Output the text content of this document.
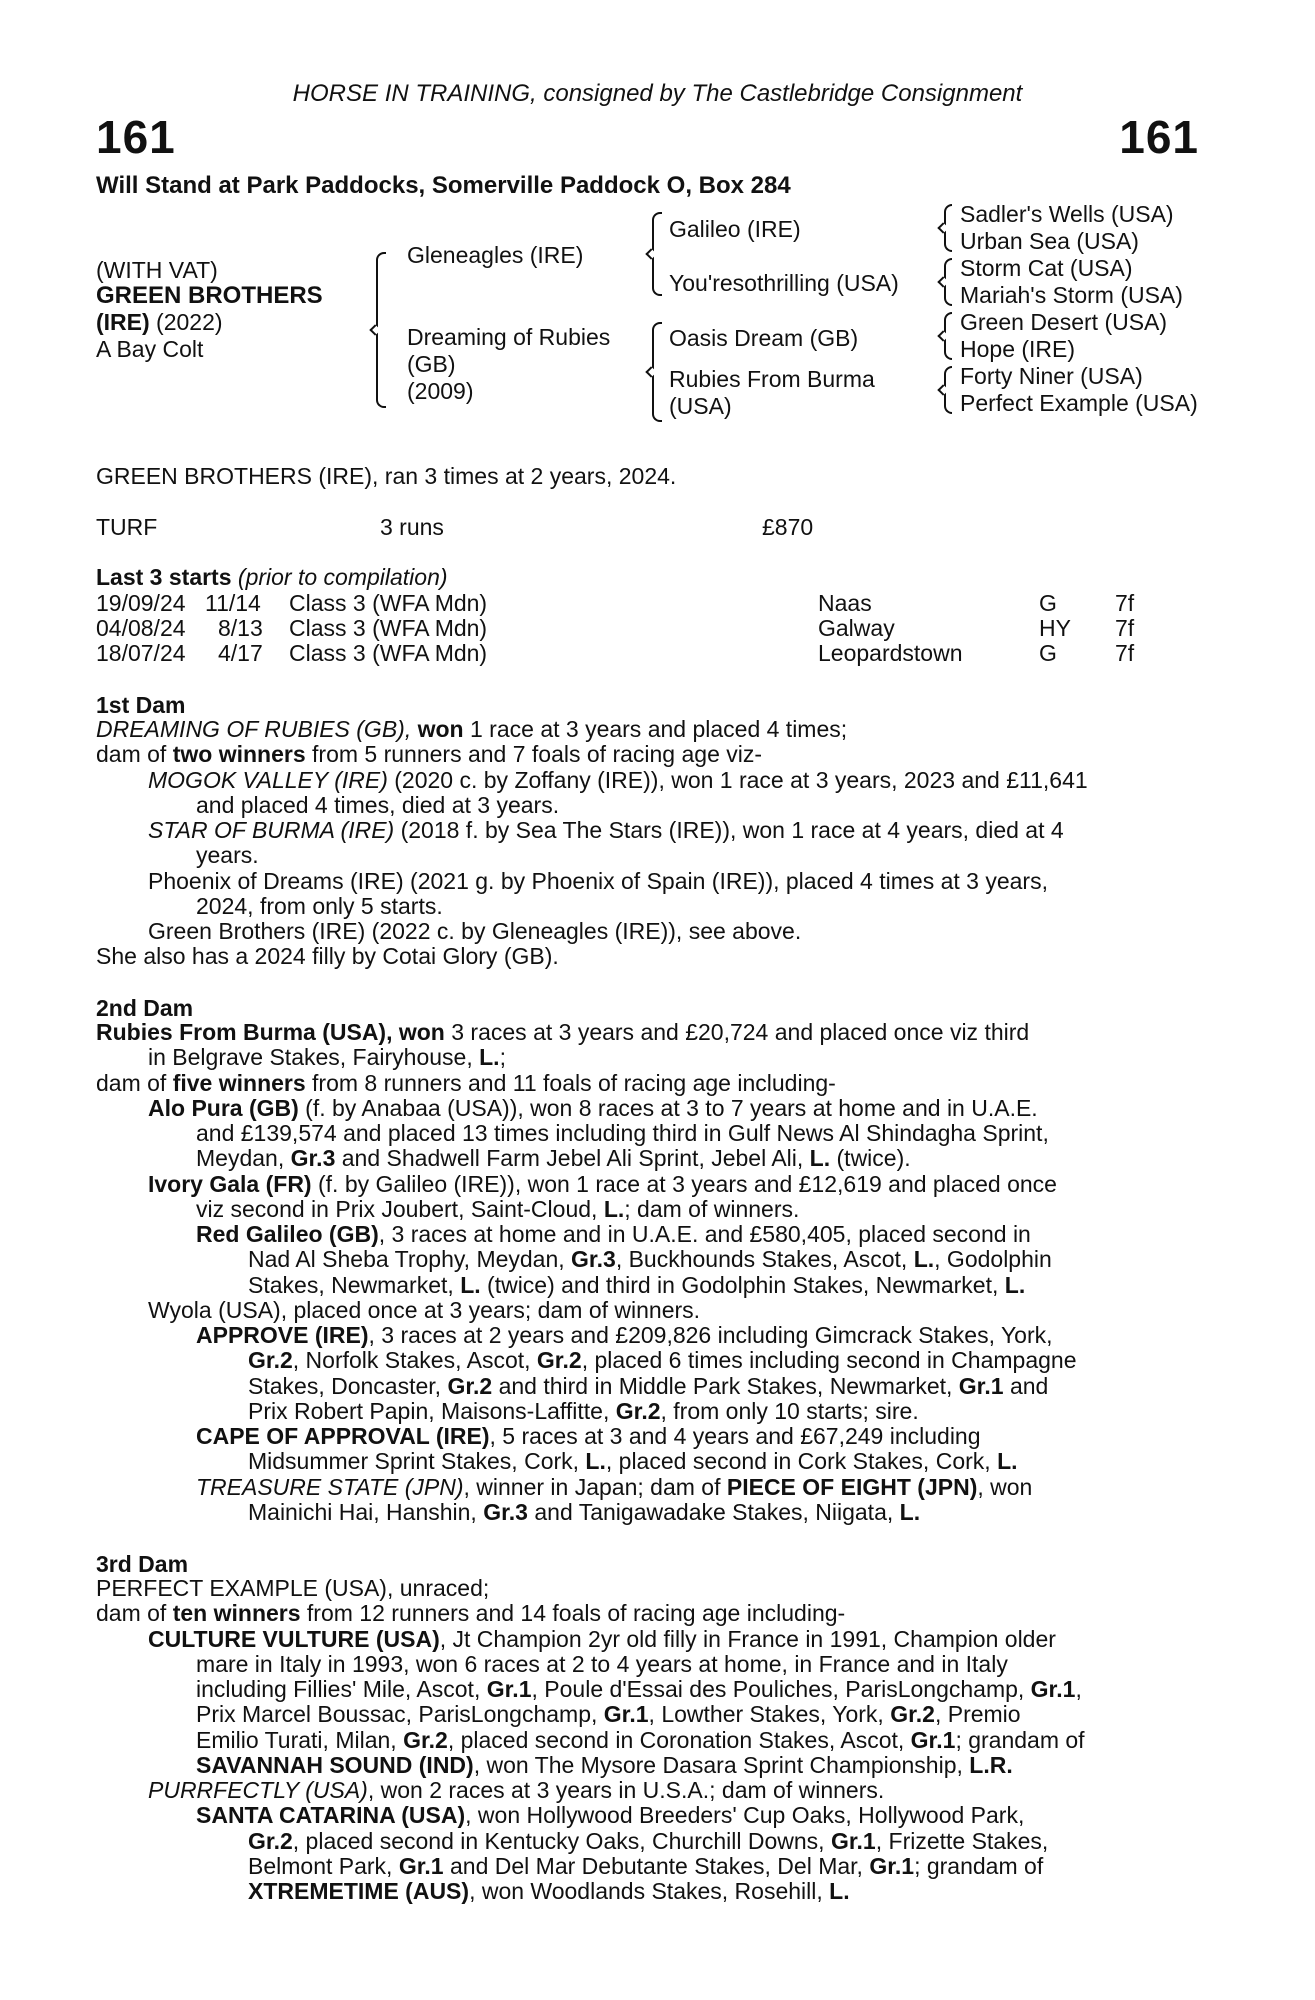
HORSE IN TRAINING, consigned by The Castlebridge Consignment
161	161
Will Stand at Park Paddocks, Somerville Paddock O, Box 284
(WITH VAT)
GREEN BROTHERS
(IRE) (2022)
A Bay Colt
Gleneagles (IRE)
Dreaming of Rubies
(GB)
(2009)
Galileo (IRE)
You'resothrilling (USA)
Oasis Dream (GB)
Rubies From Burma
(USA)
Sadler's Wells (USA)
Urban Sea (USA)
Storm Cat (USA)
Mariah's Storm (USA)
Green Desert (USA)
Hope (IRE)
Forty Niner (USA)
Perfect Example (USA)
GREEN BROTHERS (IRE), ran 3 times at 2 years, 2024.
TURF	3 runs	£870
Last 3 starts (prior to compilation)
19/09/24 11/14 Class 3 (WFA Mdn)	Naas	G	7f
04/08/24 8/13 Class 3 (WFA Mdn)	Galway	HY 7f
18/07/24 4/17 Class 3 (WFA Mdn)	Leopardstown	G	7f
1st Dam
DREAMING OF RUBIES (GB), won 1 race at 3 years and placed 4 times;
dam of two winners from 5 runners and 7 foals of racing age viz-
MOGOK VALLEY (IRE) (2020 c. by Zoffany (IRE)), won 1 race at 3 years, 2023 and £11,641
and placed 4 times, died at 3 years.
STAR OF BURMA (IRE) (2018 f. by Sea The Stars (IRE)), won 1 race at 4 years, died at 4
years.
Phoenix of Dreams (IRE) (2021 g. by Phoenix of Spain (IRE)), placed 4 times at 3 years,
2024, from only 5 starts.
Green Brothers (IRE) (2022 c. by Gleneagles (IRE)), see above.
She also has a 2024 filly by Cotai Glory (GB).
2nd Dam
Rubies From Burma (USA), won 3 races at 3 years and £20,724 and placed once viz third
in Belgrave Stakes, Fairyhouse, L.;
dam of five winners from 8 runners and 11 foals of racing age including-
Alo Pura (GB) (f. by Anabaa (USA)), won 8 races at 3 to 7 years at home and in U.A.E.
and £139,574 and placed 13 times including third in Gulf News Al Shindagha Sprint,
Meydan, Gr.3 and Shadwell Farm Jebel Ali Sprint, Jebel Ali, L. (twice).
Ivory Gala (FR) (f. by Galileo (IRE)), won 1 race at 3 years and £12,619 and placed once
viz second in Prix Joubert, Saint-Cloud, L.; dam of winners.
Red Galileo (GB), 3 races at home and in U.A.E. and £580,405, placed second in
Nad Al Sheba Trophy, Meydan, Gr.3, Buckhounds Stakes, Ascot, L., Godolphin
Stakes, Newmarket, L. (twice) and third in Godolphin Stakes, Newmarket, L.
Wyola (USA), placed once at 3 years; dam of winners.
APPROVE (IRE), 3 races at 2 years and £209,826 including Gimcrack Stakes, York,
Gr.2, Norfolk Stakes, Ascot, Gr.2, placed 6 times including second in Champagne
Stakes, Doncaster, Gr.2 and third in Middle Park Stakes, Newmarket, Gr.1 and
Prix Robert Papin, Maisons-Laffitte, Gr.2, from only 10 starts; sire.
CAPE OF APPROVAL (IRE), 5 races at 3 and 4 years and £67,249 including
Midsummer Sprint Stakes, Cork, L., placed second in Cork Stakes, Cork, L.
TREASURE STATE (JPN), winner in Japan; dam of PIECE OF EIGHT (JPN), won
Mainichi Hai, Hanshin, Gr.3 and Tanigawadake Stakes, Niigata, L.
3rd Dam
PERFECT EXAMPLE (USA), unraced;
dam of ten winners from 12 runners and 14 foals of racing age including-
CULTURE VULTURE (USA), Jt Champion 2yr old filly in France in 1991, Champion older
mare in Italy in 1993, won 6 races at 2 to 4 years at home, in France and in Italy
including Fillies' Mile, Ascot, Gr.1, Poule d'Essai des Pouliches, ParisLongchamp, Gr.1,
Prix Marcel Boussac, ParisLongchamp, Gr.1, Lowther Stakes, York, Gr.2, Premio
Emilio Turati, Milan, Gr.2, placed second in Coronation Stakes, Ascot, Gr.1; grandam of
SAVANNAH SOUND (IND), won The Mysore Dasara Sprint Championship, L.R.
PURRFECTLY (USA), won 2 races at 3 years in U.S.A.; dam of winners.
SANTA CATARINA (USA), won Hollywood Breeders' Cup Oaks, Hollywood Park,
Gr.2, placed second in Kentucky Oaks, Churchill Downs, Gr.1, Frizette Stakes,
Belmont Park, Gr.1 and Del Mar Debutante Stakes, Del Mar, Gr.1; grandam of
XTREMETIME (AUS), won Woodlands Stakes, Rosehill, L.
